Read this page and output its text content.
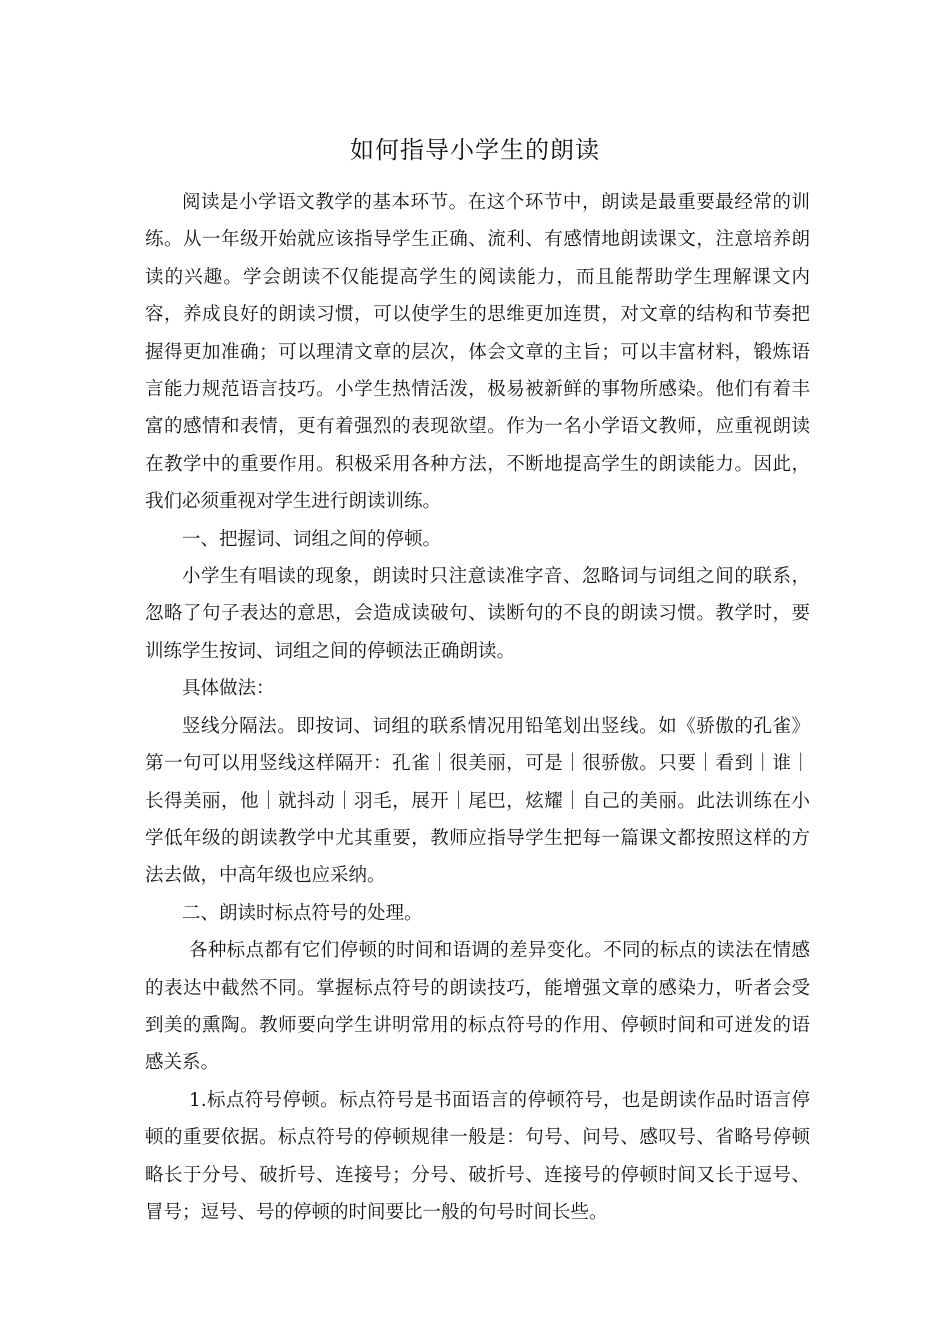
如何指导小学生的朗读

阅读是小学语文教学的基本环节。在这个环节中，朗读是最重要最经常的训练。从一年级开始就应该指导学生正确、流利、有感情地朗读课文，注意培养朗读的兴趣。学会朗读不仅能提高学生的阅读能力，而且能帮助学生理解课文内容，养成良好的朗读习惯，可以使学生的思维更加连贯，对文章的结构和节奏把握得更加准确；可以理清文章的层次，体会文章的主旨；可以丰富材料，锻炼语言能力规范语言技巧。小学生热情活泼，极易被新鲜的事物所感染。他们有着丰富的感情和表情，更有着强烈的表现欲望。作为一名小学语文教师，应重视朗读在教学中的重要作用。积极采用各种方法，不断地提高学生的朗读能力。因此，我们必须重视对学生进行朗读训练。

一、把握词、词组之间的停顿。

小学生有唱读的现象，朗读时只注意读准字音、忽略词与词组之间的联系，忽略了句子表达的意思，会造成读破句、读断句的不良的朗读习惯。教学时，要训练学生按词、词组之间的停顿法正确朗读。

具体做法：

竖线分隔法。即按词、词组的联系情况用铅笔划出竖线。如《骄傲的孔雀》第一句可以用竖线这样隔开：孔雀｜很美丽，可是｜很骄傲。只要｜看到｜谁｜长得美丽，他｜就抖动｜羽毛，展开｜尾巴，炫耀｜自己的美丽。此法训练在小学低年级的朗读教学中尤其重要，教师应指导学生把每一篇课文都按照这样的方法去做，中高年级也应采纳。

二、朗读时标点符号的处理。

各种标点都有它们停顿的时间和语调的差异变化。不同的标点的读法在情感的表达中截然不同。掌握标点符号的朗读技巧，能增强文章的感染力，听者会受到美的熏陶。教师要向学生讲明常用的标点符号的作用、停顿时间和可迸发的语感关系。

1.标点符号停顿。标点符号是书面语言的停顿符号，也是朗读作品时语言停顿的重要依据。标点符号的停顿规律一般是：句号、问号、感叹号、省略号停顿略长于分号、破折号、连接号；分号、破折号、连接号的停顿时间又长于逗号、冒号；逗号、号的停顿的时间要比一般的句号时间长些。
